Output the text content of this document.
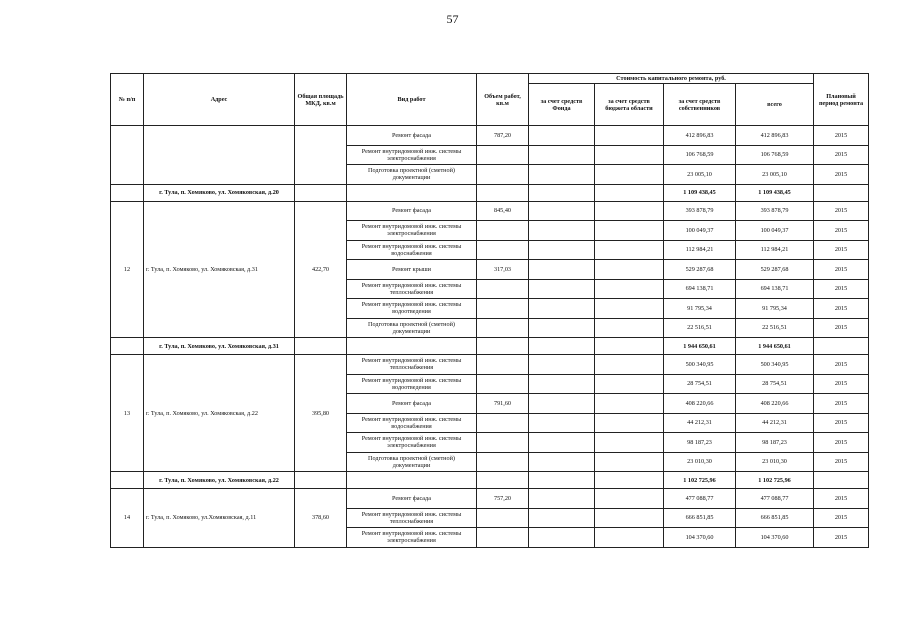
57
№ п/п	Адрес	Общая площадь МКД, кв.м	Вид работ	Объем работ, кв.м	Стоимость капитального ремонта, руб.				Плановый период ремонта
					за счет средств Фонда	за счет средств бюджета области	за счет средств собственников	всего	
			Ремонт фасада	787,20			412 896,83	412 896,83	2015
			Ремонт внутридомовой инж. системы электроснабжения				106 768,59	106 768,59	2015
			Подготовка проектной (сметной) документации				23 005,10	23 005,10	2015
	г. Тула, п. Хомяково, ул. Хомяковская, д.20						1 109 438,45	1 109 438,45	
12	г. Тула, п. Хомяково, ул. Хомяковская, д.31	422,70	Ремонт фасада	845,40			393 878,79	393 878,79	2015
			Ремонт внутридомовой инж. системы электроснабжения				100 049,37	100 049,37	2015
			Ремонт внутридомовой инж. системы водоснабжения				112 984,21	112 984,21	2015
			Ремонт крыши	317,03			529 287,68	529 287,68	2015
			Ремонт внутридомовой инж. системы теплоснабжения				694 138,71	694 138,71	2015
			Ремонт внутридомовой инж. системы водоотведения				91 795,34	91 795,34	2015
			Подготовка проектной (сметной) документации				22 516,51	22 516,51	2015
	г. Тула, п. Хомяково, ул. Хомяковская, д.31						1 944 650,61	1 944 650,61	
13	г. Тула, п. Хомяково, ул. Хомяковская, д.22	395,80	Ремонт внутридомовой инж. системы теплоснабжения				500 340,95	500 340,95	2015
			Ремонт внутридомовой инж. системы водоотведения				28 754,51	28 754,51	2015
			Ремонт фасада	791,60			408 220,66	408 220,66	2015
			Ремонт внутридомовой инж. системы водоснабжения				44 212,31	44 212,31	2015
			Ремонт внутридомовой инж. системы электроснабжения				98 187,23	98 187,23	2015
			Подготовка проектной (сметной) документации				23 010,30	23 010,30	2015
	г. Тула, п. Хомяково, ул. Хомяковская, д.22						1 102 725,96	1 102 725,96	
14	г. Тула, п. Хомяково, ул.Хомяковская, д.11	378,60	Ремонт фасада	757,20			477 088,77	477 088,77	2015
			Ремонт внутридомовой инж. системы теплоснабжения				666 851,85	666 851,85	2015
			Ремонт внутридомовой инж. системы электроснабжения				104 370,60	104 370,60	2015
